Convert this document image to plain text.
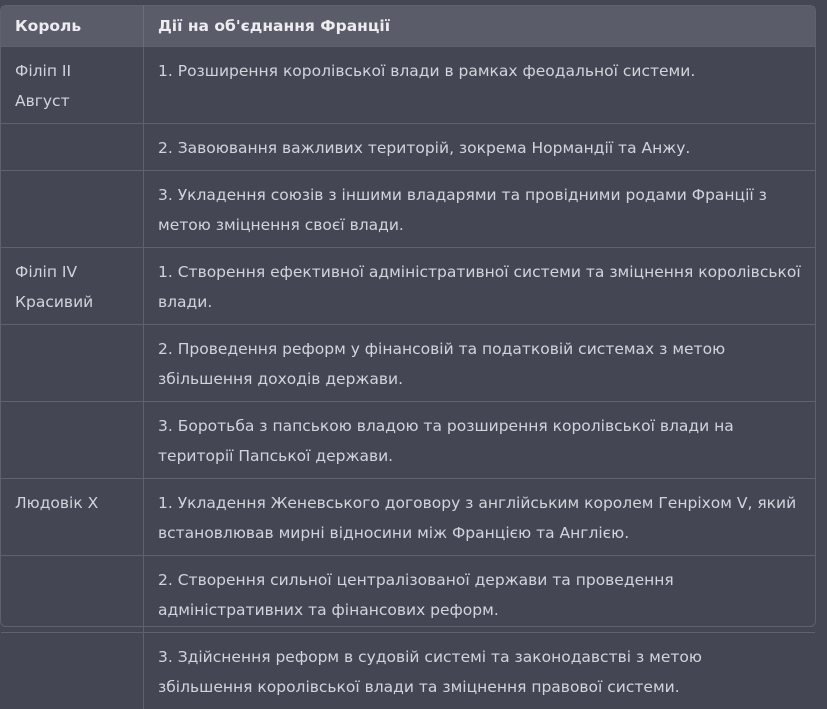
Король	Дії на об'єднання Франції
Філіп II Август	1. Розширення королівської влади в рамках феодальної системи.
	2. Завоювання важливих територій, зокрема Нормандії та Анжу.
	3. Укладення союзів з іншими владарями та провідними родами Франції з метою зміцнення своєї влади.
Філіп IV Красивий	1. Створення ефективної адміністративної системи та зміцнення королівської влади.
	2. Проведення реформ у фінансовій та податковій системах з метою збільшення доходів держави.
	3. Боротьба з папською владою та розширення королівської влади на території Папської держави.
Людовік X	1. Укладення Женевського договору з англійським королем Генріхом V, який встановлював мирні відносини між Францією та Англією.
	2. Створення сильної централізованої держави та проведення адміністративних та фінансових реформ.
	3. Здійснення реформ в судовій системі та законодавстві з метою збільшення королівської влади та зміцнення правової системи.
